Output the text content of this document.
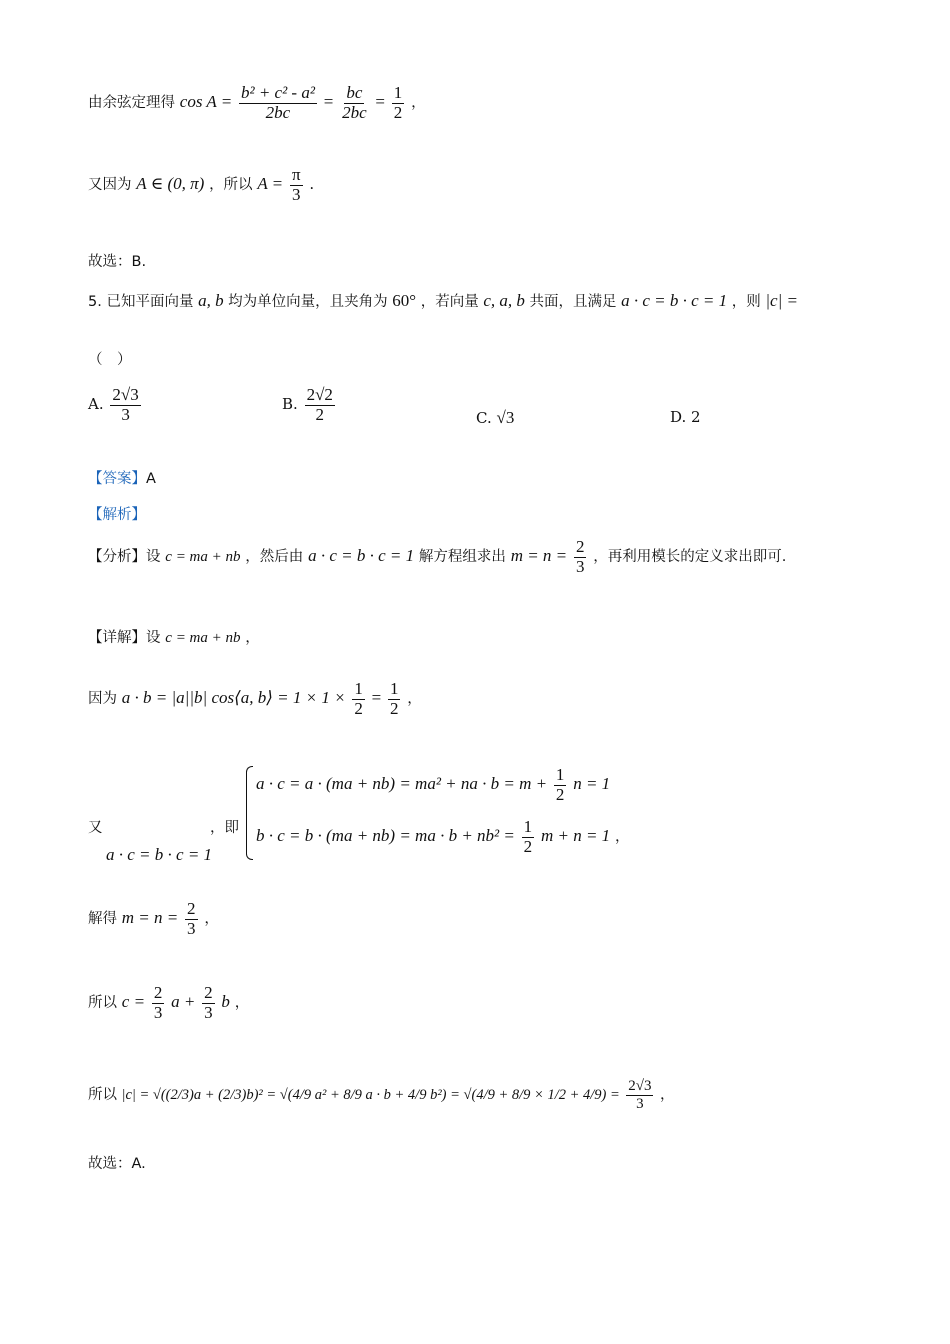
由余弦定理得 $\cos A = \frac{\text{b² + c² - a²}}{2bc} = \frac{bc}{2bc} = \frac{1}{2}$ ，
又因为 A ∈ (0, π) ，所以 $A = \frac{\pi}{3}$ .
故选：B.
5. 已知平面向量 a, b 均为单位向量，且夹角为 60° ，若向量 c, a, b 共面，且满足 a · c = b · c = 1 ，则 |c| =
（　）
A. $\frac{2√3}{3}$	B. $\frac{2√2}{2}$	C. √3	D. 2
【答案】A
【解析】
【分析】设 c = ma + nb ，然后由 a · c = b · c = 1 解方程组求出 $m = n = \frac{2}{3}$ ，再利用模长的定义求出即可.
【详解】设 c = ma + nb ，
因为 a · b = |a||b| cos⟨a, b⟩ = $1 \times 1 \times \frac{1}{2} = \frac{1}{2}$ ，
又
a · c = b · c = 1
，即
a · c = a · (ma + nb) = ma² + na · $b = m + \frac{1}{2}$ n = 1
b · c = b · (ma + nb) = ma · $b + nb^2 = \frac{1}{2}$ m + n = 1 ，
解得 $m = n = \frac{2}{3}$ ，
所以 $c = \frac{2}{3}$ $a + \frac{2}{3}$ b ，
所以 |c| = √((2/3)a + (2/3)b)² = √(4/9 a² + 8/9 a · b + 4/9 $b^2) = √(4/9 + 8/9 \times 1/2 + 4/9) = \frac{2√3}{3}$ ，
故选：A.
